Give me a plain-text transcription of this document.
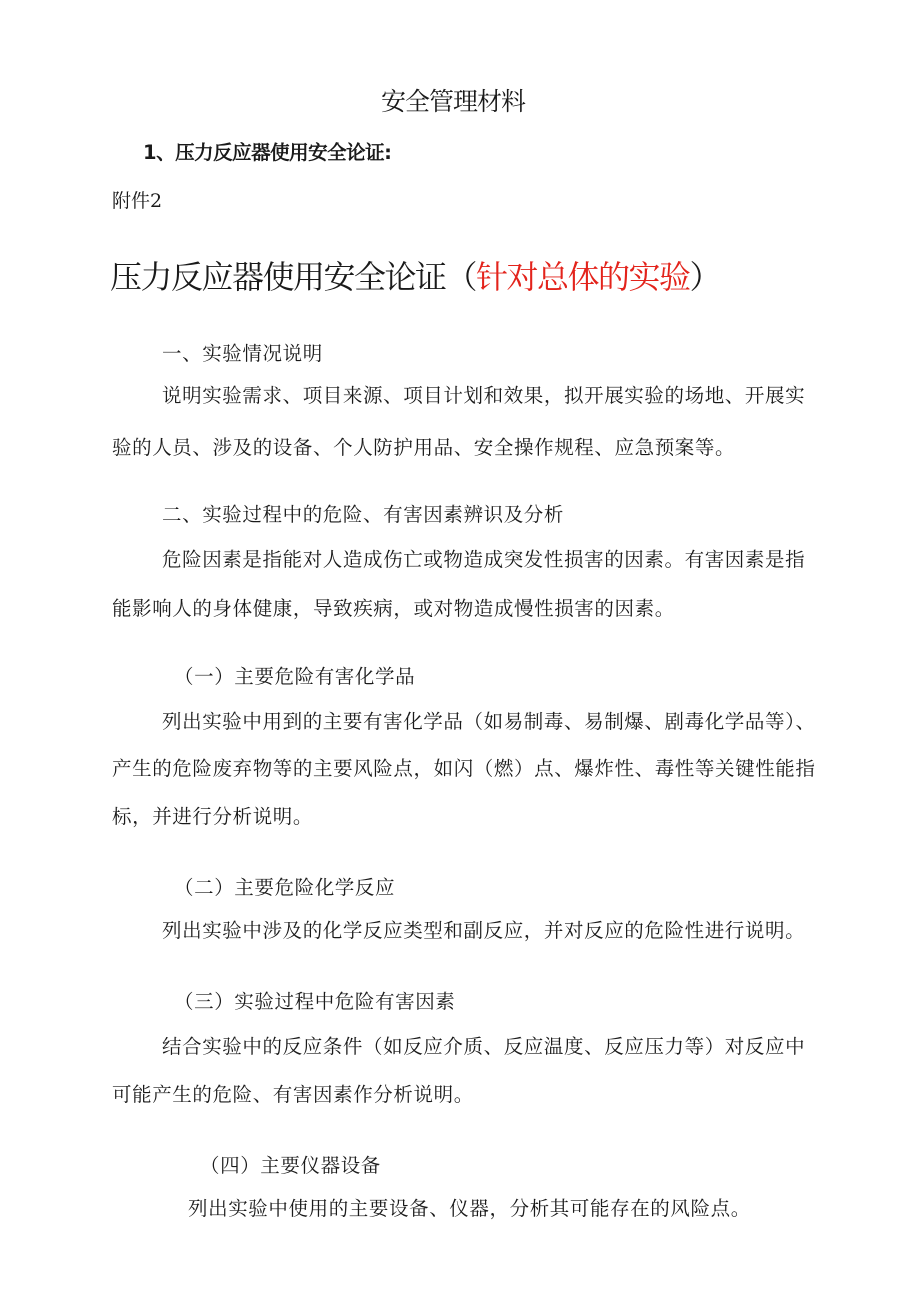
安全管理材料
1、压力反应器使用安全论证:
附件2
压力反应器使用安全论证（针对总体的实验）
一、实验情况说明
说明实验需求、项目来源、项目计划和效果，拟开展实验的场地、开展实
验的人员、涉及的设备、个人防护用品、安全操作规程、应急预案等。
二、实验过程中的危险、有害因素辨识及分析
危险因素是指能对人造成伤亡或物造成突发性损害的因素。有害因素是指
能影响人的身体健康，导致疾病，或对物造成慢性损害的因素。
（一）主要危险有害化学品
列出实验中用到的主要有害化学品（如易制毒、易制爆、剧毒化学品等）、
产生的危险废弃物等的主要风险点，如闪（燃）点、爆炸性、毒性等关键性能指
标，并进行分析说明。
（二）主要危险化学反应
列出实验中涉及的化学反应类型和副反应，并对反应的危险性进行说明。
（三）实验过程中危险有害因素
结合实验中的反应条件（如反应介质、反应温度、反应压力等）对反应中
可能产生的危险、有害因素作分析说明。
（四）主要仪器设备
列出实验中使用的主要设备、仪器，分析其可能存在的风险点。
